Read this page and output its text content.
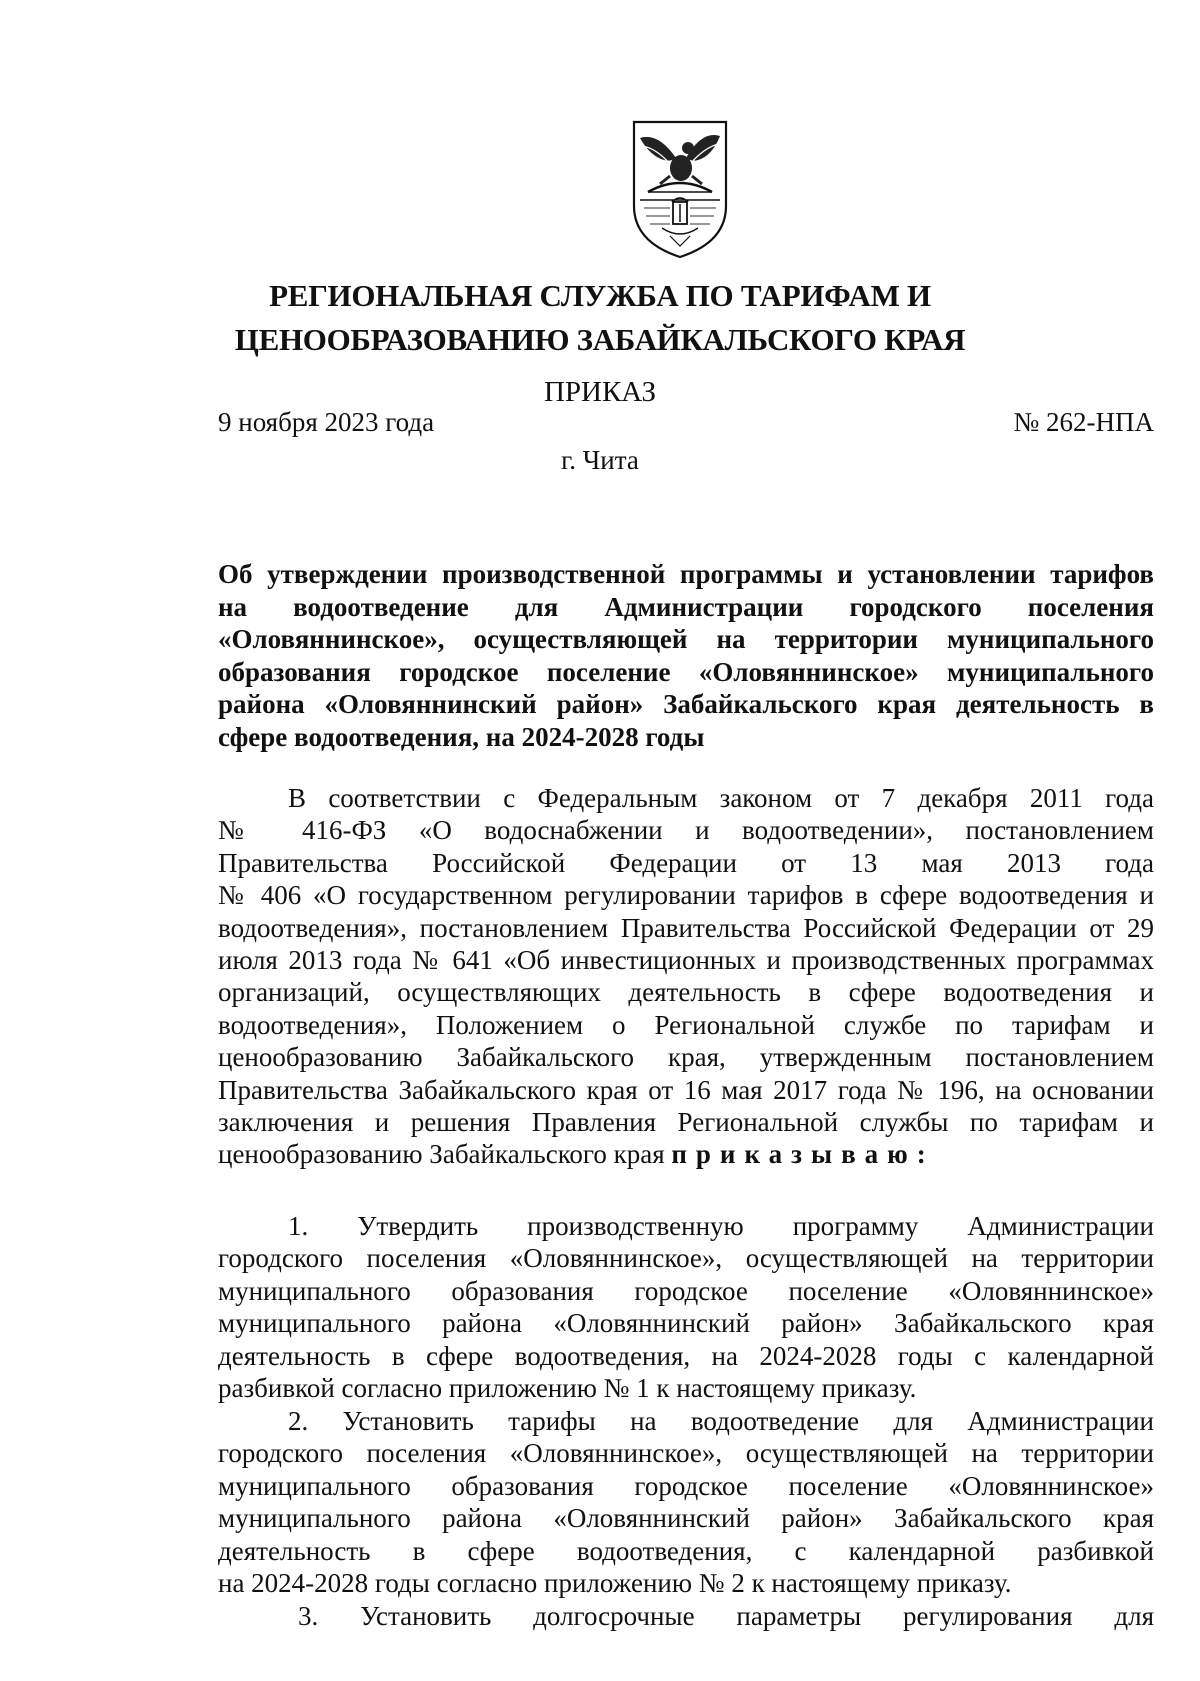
РЕГИОНАЛЬНАЯ СЛУЖБА ПО ТАРИФАМ И
ЦЕНООБРАЗОВАНИЮ ЗАБАЙКАЛЬСКОГО КРАЯ
ПРИКАЗ
9 ноября 2023 года	№ 262-НПА
г. Чита
Об утверждении производственной программы и установлении тарифов
на водоотведение для Администрации городского поселения
«Оловяннинское», осуществляющей на территории муниципального
образования городское поселение «Оловяннинское» муниципального
района «Оловяннинский район» Забайкальского края деятельность в
сфере водоотведения, на 2024-2028 годы
В соответствии с Федеральным законом от 7 декабря 2011 года
№ 416-ФЗ «О водоснабжении и водоотведении», постановлением
Правительства Российской Федерации от 13 мая 2013 года
№ 406 «О государственном регулировании тарифов в сфере водоотведения и
водоотведения», постановлением Правительства Российской Федерации от 29
июля 2013 года № 641 «Об инвестиционных и производственных программах
организаций, осуществляющих деятельность в сфере водоотведения и
водоотведения», Положением о Региональной службе по тарифам и
ценообразованию Забайкальского края, утвержденным постановлением
Правительства Забайкальского края от 16 мая 2017 года № 196, на основании
заключения и решения Правления Региональной службы по тарифам и
ценообразованию Забайкальского края приказываю:
1. Утвердить производственную программу Администрации
городского поселения «Оловяннинское», осуществляющей на территории
муниципального образования городское поселение «Оловяннинское»
муниципального района «Оловяннинский район» Забайкальского края
деятельность в сфере водоотведения, на 2024-2028 годы с календарной
разбивкой согласно приложению № 1 к настоящему приказу.
2. Установить тарифы на водоотведение для Администрации
городского поселения «Оловяннинское», осуществляющей на территории
муниципального образования городское поселение «Оловяннинское»
муниципального района «Оловяннинский район» Забайкальского края
деятельность в сфере водоотведения, с календарной разбивкой
на 2024-2028 годы согласно приложению № 2 к настоящему приказу.
3. Установить долгосрочные параметры регулирования для
